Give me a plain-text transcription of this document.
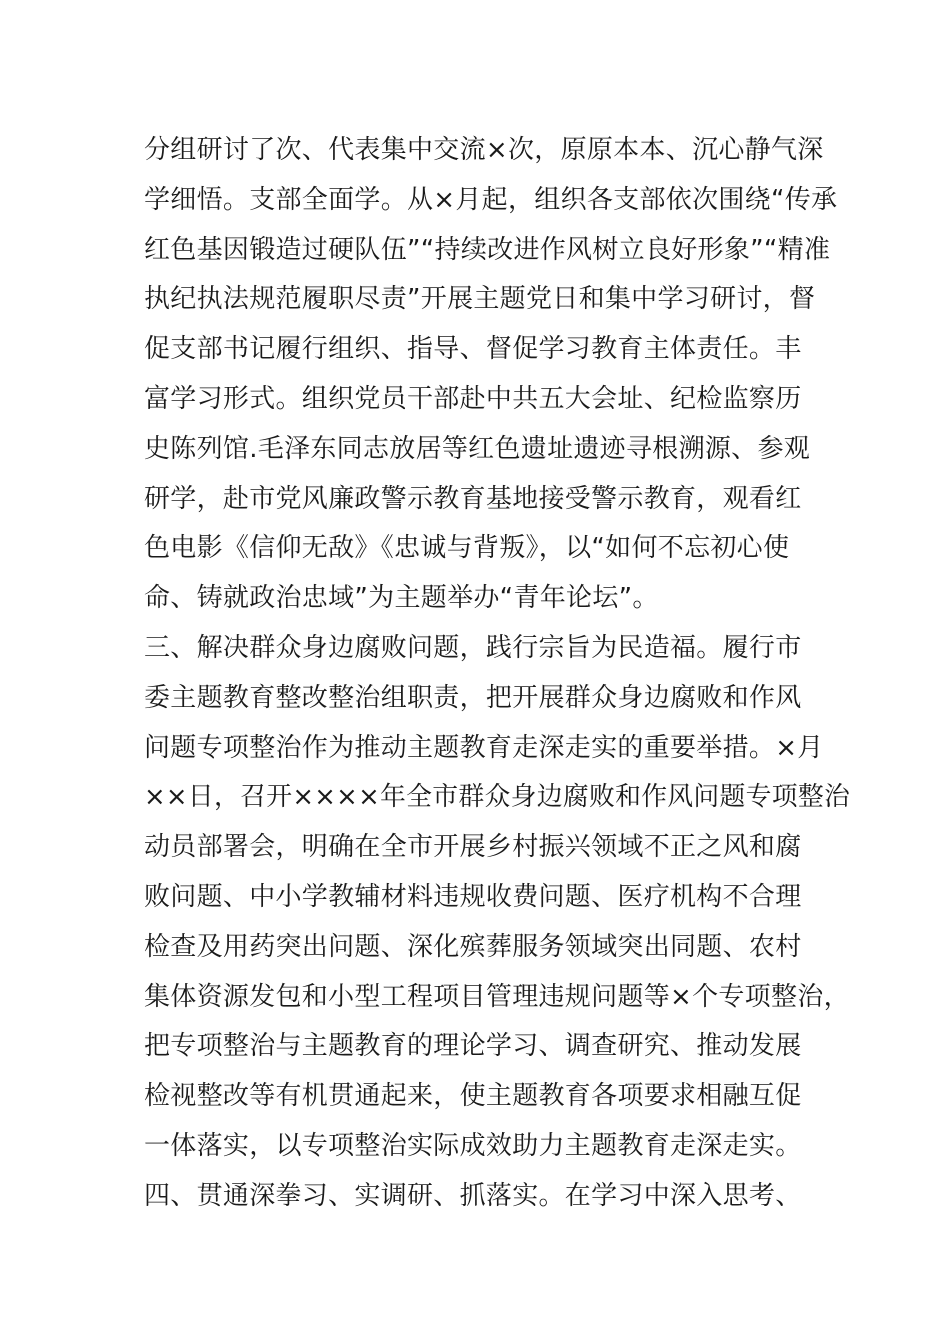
分组研讨了次、代表集中交流×次，原原本本、沉心静气深
学细悟。支部全面学。从×月起，组织各支部依次围绕“传承
红色基因锻造过硬队伍”“持续改进作风树立良好形象”“精准
执纪执法规范履职尽责”开展主题党日和集中学习研讨，督
促支部书记履行组织、指导、督促学习教育主体责任。丰
富学习形式。组织党员干部赴中共五大会址、纪检监察历
史陈列馆.毛泽东同志放居等红色遗址遗迹寻根溯源、参观
研学，赴市党风廉政警示教育基地接受警示教育，观看红
色电影《信仰无敌》《忠诚与背叛》，以“如何不忘初心使
命、铸就政治忠域”为主题举办“青年论坛”。
三、解决群众身边腐败问题，践行宗旨为民造福。履行市
委主题教育整改整治组职责，把开展群众身边腐败和作风
问题专项整治作为推动主题教育走深走实的重要举措。×月
××日，召开××××年全市群众身边腐败和作风问题专项整治
动员部署会，明确在全市开展乡村振兴领域不正之风和腐
败问题、中小学教辅材料违规收费问题、医疗机构不合理
检查及用药突出问题、深化殡葬服务领域突出同题、农村
集体资源发包和小型工程项目管理违规问题等×个专项整治，
把专项整治与主题教育的理论学习、调查研究、推动发展
检视整改等有机贯通起来，使主题教育各项要求相融互促
一体落实，以专项整治实际成效助力主题教育走深走实。
四、贯通深拳习、实调研、抓落实。在学习中深入思考、
